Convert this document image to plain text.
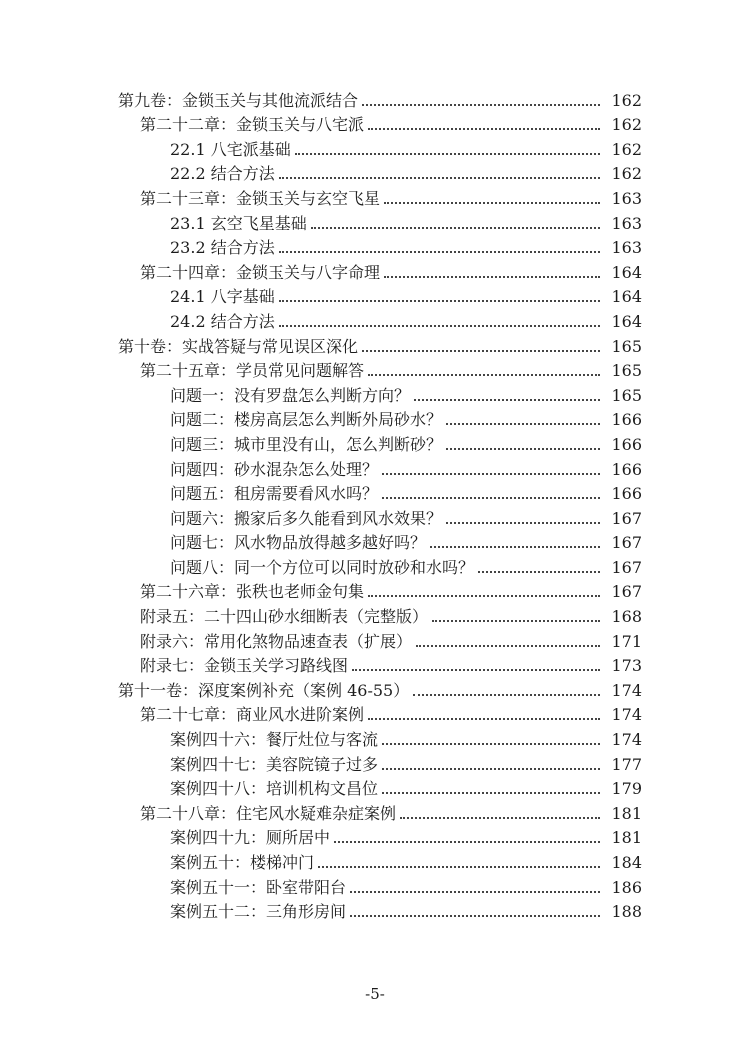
第九卷：金锁玉关与其他流派结合	162
第二十二章：金锁玉关与八宅派	162
22.1 八宅派基础	162
22.2 结合方法	162
第二十三章：金锁玉关与玄空飞星	163
23.1 玄空飞星基础	163
23.2 结合方法	163
第二十四章：金锁玉关与八字命理	164
24.1 八字基础	164
24.2 结合方法	164
第十卷：实战答疑与常见误区深化	165
第二十五章：学员常见问题解答	165
问题一：没有罗盘怎么判断方向？	165
问题二：楼房高层怎么判断外局砂水？	166
问题三：城市里没有山，怎么判断砂？	166
问题四：砂水混杂怎么处理？	166
问题五：租房需要看风水吗？	166
问题六：搬家后多久能看到风水效果？	167
问题七：风水物品放得越多越好吗？	167
问题八：同一个方位可以同时放砂和水吗？	167
第二十六章：张秩也老师金句集	167
附录五：二十四山砂水细断表（完整版）	168
附录六：常用化煞物品速查表（扩展）	171
附录七：金锁玉关学习路线图	173
第十一卷：深度案例补充（案例 46-55）	174
第二十七章：商业风水进阶案例	174
案例四十六：餐厅灶位与客流	174
案例四十七：美容院镜子过多	177
案例四十八：培训机构文昌位	179
第二十八章：住宅风水疑难杂症案例	181
案例四十九：厕所居中	181
案例五十：楼梯冲门	184
案例五十一：卧室带阳台	186
案例五十二：三角形房间	188
-5-
